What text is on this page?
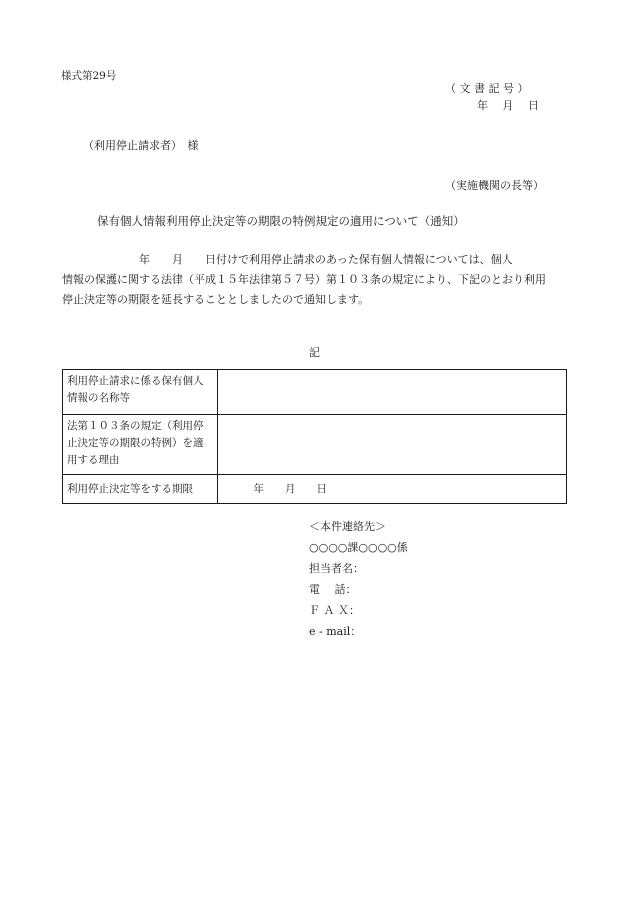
様式第29号
（ 文 書 記 号 ）
年　 月　 日
（利用停止請求者）　様
（実施機関の長等）
保有個人情報利用停止決定等の期限の特例規定の適用について（通知）
　　　　　　　年　　月　　日付けで利用停止請求のあった保有個人情報については、個人
情報の保護に関する法律（平成１５年法律第５７号）第１０３条の規定により、下記のとおり利用
停止決定等の期限を延長することとしましたので通知します。
記
利用停止請求に係る保有個人情報の名称等	
法第１０３条の規定（利用停止決定等の期限の特例）を適用する理由	
利用停止決定等をする期限	　　　年　　月　　日
＜本件連絡先＞
○○○○課○○○○係
担当者名：
電　 話：
Ｆ Ａ Ｘ：
e - mail：
